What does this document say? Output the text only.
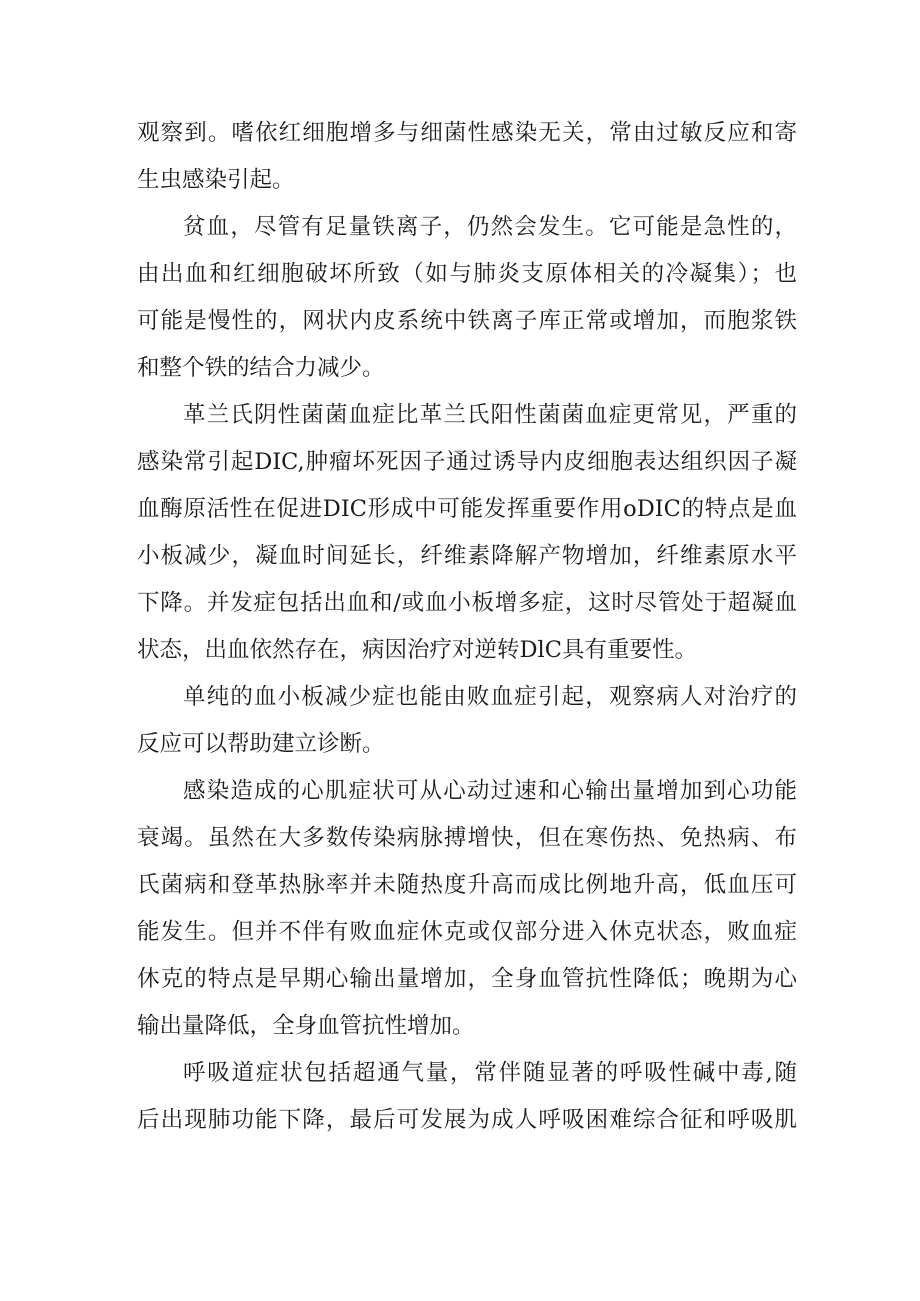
观察到。嗜依红细胞增多与细菌性感染无关，常由过敏反应和寄
生虫感染引起。
贫血，尽管有足量铁离子，仍然会发生。它可能是急性的，
由出血和红细胞破坏所致（如与肺炎支原体相关的冷凝集）；也
可能是慢性的，网状内皮系统中铁离子库正常或增加，而胞浆铁
和整个铁的结合力减少。
革兰氏阴性菌菌血症比革兰氏阳性菌菌血症更常见，严重的
感染常引起DIC,肿瘤坏死因子通过诱导内皮细胞表达组织因子凝
血酶原活性在促进DIC形成中可能发挥重要作用oDIC的特点是血
小板减少，凝血时间延长，纤维素降解产物增加，纤维素原水平
下降。并发症包括出血和/或血小板增多症，这时尽管处于超凝血
状态，出血依然存在，病因治疗对逆转DlC具有重要性。
单纯的血小板减少症也能由败血症引起，观察病人对治疗的
反应可以帮助建立诊断。
感染造成的心肌症状可从心动过速和心输出量增加到心功能
衰竭。虽然在大多数传染病脉搏增快，但在寒伤热、免热病、布
氏菌病和登革热脉率并未随热度升高而成比例地升高，低血压可
能发生。但并不伴有败血症休克或仅部分进入休克状态，败血症
休克的特点是早期心输出量增加，全身血管抗性降低；晚期为心
输出量降低，全身血管抗性增加。
呼吸道症状包括超通气量，常伴随显著的呼吸性碱中毒,随
后出现肺功能下降，最后可发展为成人呼吸困难综合征和呼吸肌
